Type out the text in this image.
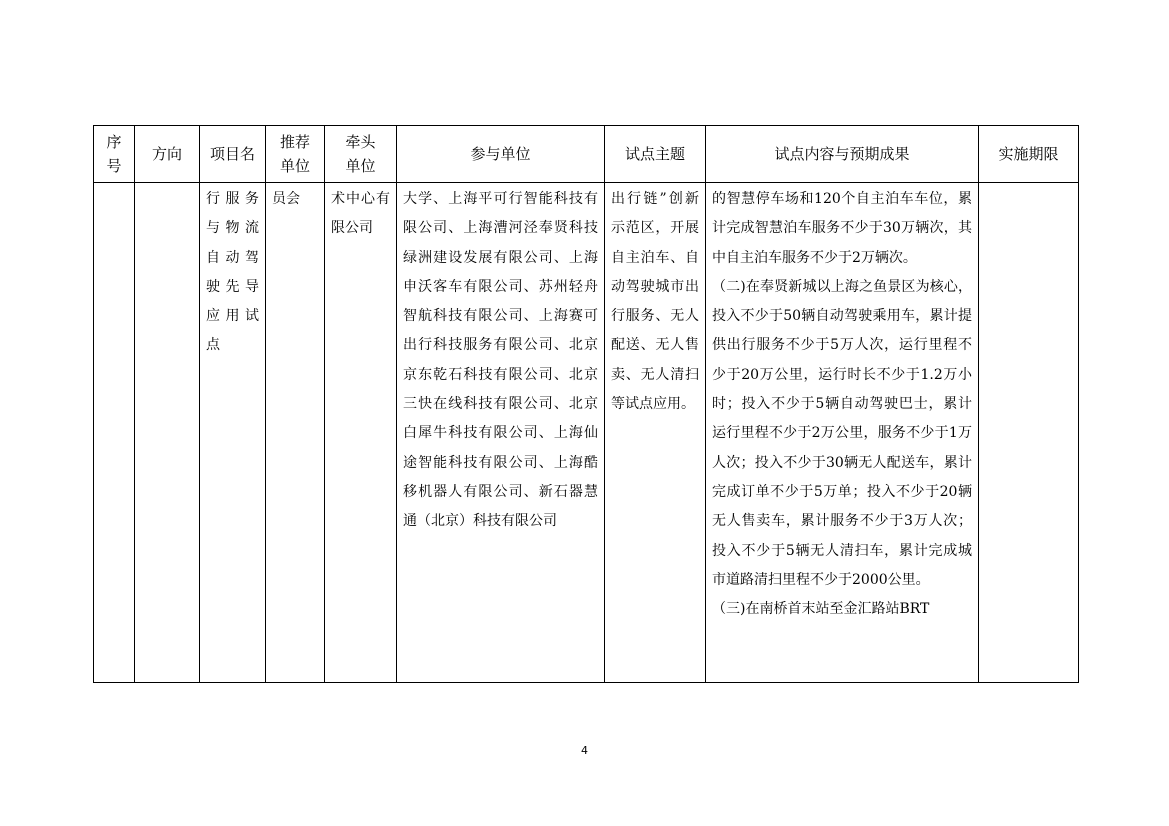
序号	方向	项目名	推荐单位	牵头单位	参与单位	试点主题	试点内容与预期成果	实施期限

		行服务与物流自动驾驶先导应用试点	员会	术中心有限公司	大学、上海平可行智能科技有限公司、上海漕河泾奉贤科技绿洲建设发展有限公司、上海申沃客车有限公司、苏州轻舟智航科技有限公司、上海赛可出行科技服务有限公司、北京京东乾石科技有限公司、北京三快在线科技有限公司、北京白犀牛科技有限公司、上海仙途智能科技有限公司、上海酷移机器人有限公司、新石器慧通（北京）科技有限公司	出行链”创新示范区，开展自主泊车、自动驾驶城市出行服务、无人配送、无人售卖、无人清扫等试点应用。	的智慧停车场和120个自主泊车车位，累计完成智慧泊车服务不少于30万辆次，其中自主泊车服务不少于2万辆次。
（二)在奉贤新城以上海之鱼景区为核心，投入不少于50辆自动驾驶乘用车，累计提供出行服务不少于5万人次，运行里程不少于20万公里，运行时长不少于1.2万小时；投入不少于5辆自动驾驶巴士，累计运行里程不少于2万公里，服务不少于1万人次；投入不少于30辆无人配送车，累计完成订单不少于5万单；投入不少于20辆无人售卖车，累计服务不少于3万人次；投入不少于5辆无人清扫车，累计完成城市道路清扫里程不少于2000公里。
（三)在南桥首末站至金汇路站BRT	

4
